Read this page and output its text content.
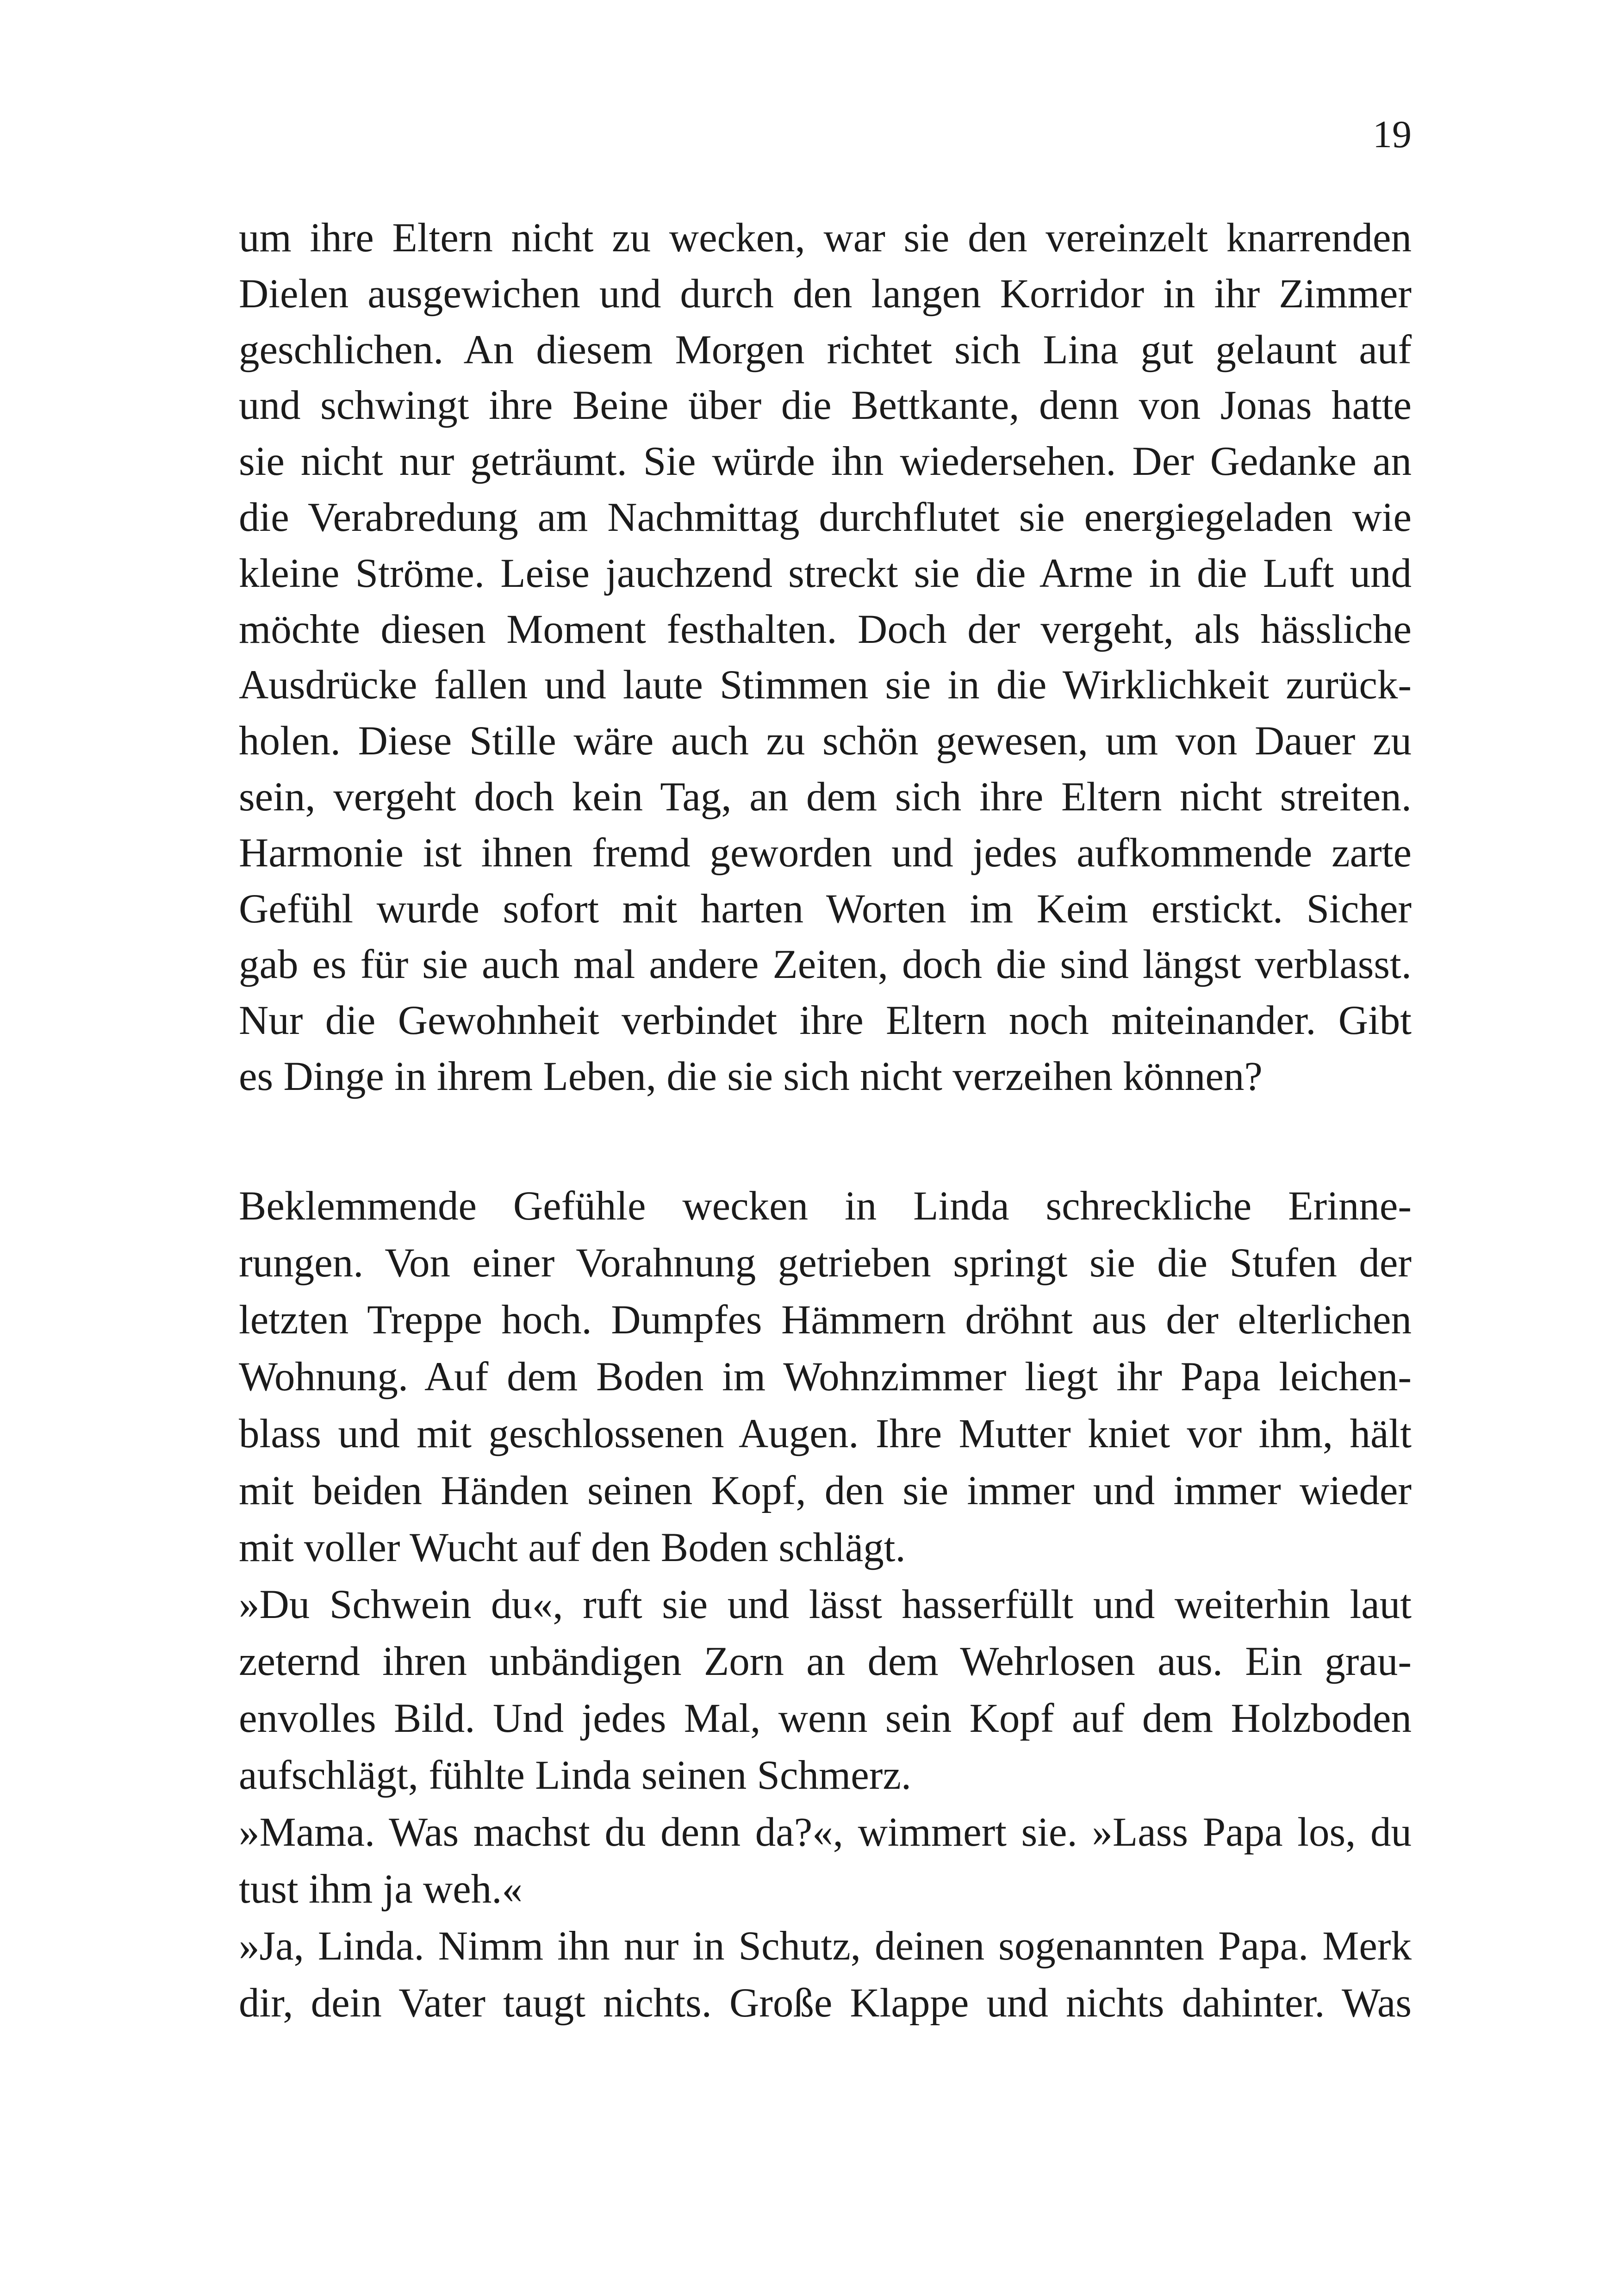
19
um ihre Eltern nicht zu wecken, war sie den vereinzelt knarrenden
Dielen ausgewichen und durch den langen Korridor in ihr Zimmer
geschlichen. An diesem Morgen richtet sich Lina gut gelaunt auf
und schwingt ihre Beine über die Bettkante, denn von Jonas hatte
sie nicht nur geträumt. Sie würde ihn wiedersehen. Der Gedanke an
die Verabredung am Nachmittag durchflutet sie energiegeladen wie
kleine Ströme. Leise jauchzend streckt sie die Arme in die Luft und
möchte diesen Moment festhalten. Doch der vergeht, als hässliche
Ausdrücke fallen und laute Stimmen sie in die Wirklichkeit zurück-
holen. Diese Stille wäre auch zu schön gewesen, um von Dauer zu
sein, vergeht doch kein Tag, an dem sich ihre Eltern nicht streiten.
Harmonie ist ihnen fremd geworden und jedes aufkommende zarte
Gefühl wurde sofort mit harten Worten im Keim erstickt. Sicher
gab es für sie auch mal andere Zeiten, doch die sind längst verblasst.
Nur die Gewohnheit verbindet ihre Eltern noch miteinander. Gibt
es Dinge in ihrem Leben, die sie sich nicht verzeihen können?
Beklemmende Gefühle wecken in Linda schreckliche Erinne-
rungen. Von einer Vorahnung getrieben springt sie die Stufen der
letzten Treppe hoch. Dumpfes Hämmern dröhnt aus der elterlichen
Wohnung. Auf dem Boden im Wohnzimmer liegt ihr Papa leichen-
blass und mit geschlossenen Augen. Ihre Mutter kniet vor ihm, hält
mit beiden Händen seinen Kopf, den sie immer und immer wieder
mit voller Wucht auf den Boden schlägt.
»Du Schwein du«, ruft sie und lässt hasserfüllt und weiterhin laut
zeternd ihren unbändigen Zorn an dem Wehrlosen aus. Ein grau-
envolles Bild. Und jedes Mal, wenn sein Kopf auf dem Holzboden
aufschlägt, fühlte Linda seinen Schmerz.
»Mama. Was machst du denn da?«, wimmert sie. »Lass Papa los, du
tust ihm ja weh.«
»Ja, Linda. Nimm ihn nur in Schutz, deinen sogenannten Papa. Merk
dir, dein Vater taugt nichts. Große Klappe und nichts dahinter. Was
